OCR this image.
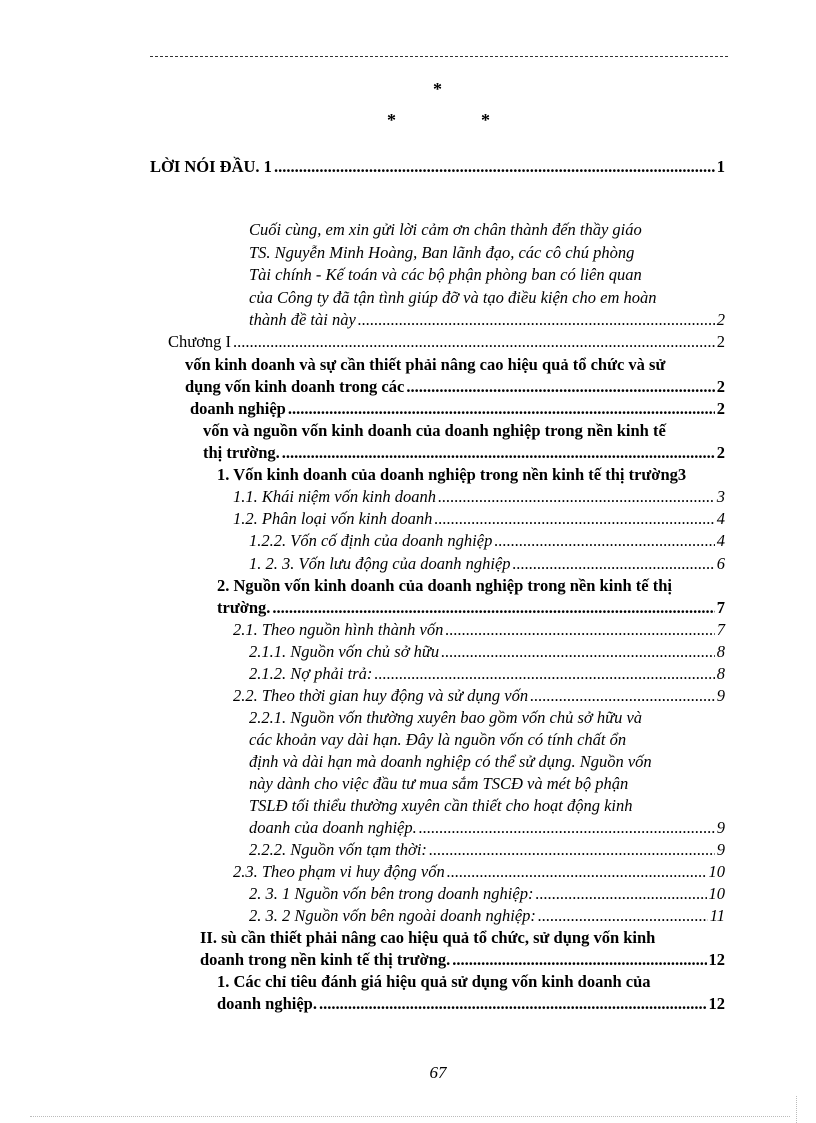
*
*	*
LỜI NÓI ĐẦU. 1 .....	1
Cuối cùng, em xin gửi lời cảm ơn chân thành đến thầy giáo
TS. Nguyễn Minh Hoàng, Ban lãnh đạo, các cô chú phòng
Tài chính - Kế toán và các bộ phận phòng ban có liên quan
của Công ty đã tận tình giúp đỡ và tạo điều kiện cho em hoàn
thành đề tài này .....	2
Chương I .....	2
vốn kinh doanh và sự cần thiết phải nâng cao hiệu quả tổ chức và sử
dụng vốn kinh doanh trong các .....	2
doanh nghiệp .....	2
vốn và nguồn vốn kinh doanh của doanh nghiệp trong nền kinh tế
thị trường. .....	2
1. Vốn kinh doanh của doanh nghiệp trong nền kinh tế thị trường 3
1.1. Khái niệm vốn kinh doanh .....	3
1.2. Phân loại vốn kinh doanh .....	4
1.2.2. Vốn cố định của doanh nghiệp .....	4
1. 2. 3. Vốn lưu động của doanh nghiệp .....	6
2. Nguồn vốn kinh doanh của doanh nghiệp trong nền kinh tế thị
trường. .....	7
2.1. Theo nguồn hình thành vốn .....	7
2.1.1. Nguồn vốn chủ sở hữu .....	8
2.1.2. Nợ phải trả: .....	8
2.2. Theo thời gian huy động và sử dụng vốn .....	9
2.2.1. Nguồn vốn thường xuyên bao gồm vốn chủ sở hữu và
các khoản vay dài hạn. Đây là nguồn vốn có tính chất ổn
định và dài hạn mà doanh nghiệp có thể sử dụng. Nguồn vốn
này dành cho việc đầu tư mua sắm TSCĐ và mét bộ phận
TSLĐ tối thiểu thường xuyên cần thiết cho hoạt động kinh
doanh của doanh nghiệp. .....	9
2.2.2. Nguồn vốn tạm thời: .....	9
2.3. Theo phạm vi huy động vốn .....	10
2. 3. 1 Nguồn vốn bên trong doanh nghiệp: .....	10
2. 3. 2 Nguồn vốn bên ngoài doanh nghiệp: .....	11
II. sù cần thiết phải nâng cao hiệu quả tổ chức, sử dụng vốn kinh
doanh trong nền kinh tế thị trường. .....	12
1. Các chỉ tiêu đánh giá hiệu quả sử dụng vốn kinh doanh của
doanh nghiệp. .....	12
67
